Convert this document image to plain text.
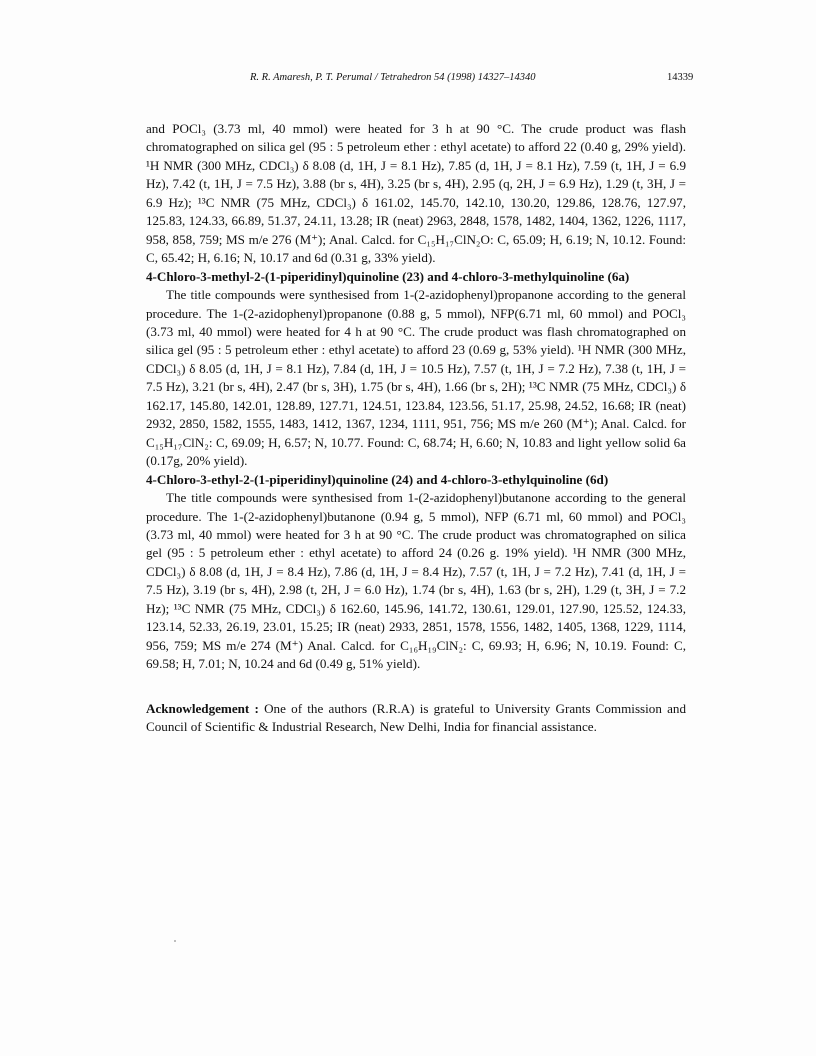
R. R. Amaresh, P. T. Perumal / Tetrahedron 54 (1998) 14327–14340	14339

and POCl₃ (3.73 ml, 40 mmol) were heated for 3 h at 90 °C. The crude product was flash chromatographed on silica gel (95 : 5 petroleum ether : ethyl acetate) to afford 22 (0.40 g, 29% yield). ¹H NMR (300 MHz, CDCl₃) δ 8.08 (d, 1H, J = 8.1 Hz), 7.85 (d, 1H, J = 8.1 Hz), 7.59 (t, 1H, J = 6.9 Hz), 7.42 (t, 1H, J = 7.5 Hz), 3.88 (br s, 4H), 3.25 (br s, 4H), 2.95 (q, 2H, J = 6.9 Hz), 1.29 (t, 3H, J = 6.9 Hz); ¹³C NMR (75 MHz, CDCl₃) δ 161.02, 145.70, 142.10, 130.20, 129.86, 128.76, 127.97, 125.83, 124.33, 66.89, 51.37, 24.11, 13.28; IR (neat) 2963, 2848, 1578, 1482, 1404, 1362, 1226, 1117, 958, 858, 759; MS m/e 276 (M⁺); Anal. Calcd. for C₁₅H₁₇ClN₂O: C, 65.09; H, 6.19; N, 10.12. Found: C, 65.42; H, 6.16; N, 10.17 and 6d (0.31 g, 33% yield).

4-Chloro-3-methyl-2-(1-piperidinyl)quinoline (23) and 4-chloro-3-methylquinoline (6a)

The title compounds were synthesised from 1-(2-azidophenyl)propanone according to the general procedure. The 1-(2-azidophenyl)propanone (0.88 g, 5 mmol), NFP(6.71 ml, 60 mmol) and POCl₃ (3.73 ml, 40 mmol) were heated for 4 h at 90 °C. The crude product was flash chromatographed on silica gel (95 : 5 petroleum ether : ethyl acetate) to afford 23 (0.69 g, 53% yield). ¹H NMR (300 MHz, CDCl₃) δ 8.05 (d, 1H, J = 8.1 Hz), 7.84 (d, 1H, J = 10.5 Hz), 7.57 (t, 1H, J = 7.2 Hz), 7.38 (t, 1H, J = 7.5 Hz), 3.21 (br s, 4H), 2.47 (br s, 3H), 1.75 (br s, 4H), 1.66 (br s, 2H); ¹³C NMR (75 MHz, CDCl₃) δ 162.17, 145.80, 142.01, 128.89, 127.71, 124.51, 123.84, 123.56, 51.17, 25.98, 24.52, 16.68; IR (neat) 2932, 2850, 1582, 1555, 1483, 1412, 1367, 1234, 1111, 951, 756; MS m/e 260 (M⁺); Anal. Calcd. for C₁₅H₁₇ClN₂: C, 69.09; H, 6.57; N, 10.77. Found: C, 68.74; H, 6.60; N, 10.83 and light yellow solid 6a (0.17g, 20% yield).

4-Chloro-3-ethyl-2-(1-piperidinyl)quinoline (24) and 4-chloro-3-ethylquinoline (6d)

The title compounds were synthesised from 1-(2-azidophenyl)butanone according to the general procedure. The 1-(2-azidophenyl)butanone (0.94 g, 5 mmol), NFP (6.71 ml, 60 mmol) and POCl₃ (3.73 ml, 40 mmol) were heated for 3 h at 90 °C. The crude product was chromatographed on silica gel (95 : 5 petroleum ether : ethyl acetate) to afford 24 (0.26 g. 19% yield). ¹H NMR (300 MHz, CDCl₃) δ 8.08 (d, 1H, J = 8.4 Hz), 7.86 (d, 1H, J = 8.4 Hz), 7.57 (t, 1H, J = 7.2 Hz), 7.41 (d, 1H, J = 7.5 Hz), 3.19 (br s, 4H), 2.98 (t, 2H, J = 6.0 Hz), 1.74 (br s, 4H), 1.63 (br s, 2H), 1.29 (t, 3H, J = 7.2 Hz); ¹³C NMR (75 MHz, CDCl₃) δ 162.60, 145.96, 141.72, 130.61, 129.01, 127.90, 125.52, 124.33, 123.14, 52.33, 26.19, 23.01, 15.25; IR (neat) 2933, 2851, 1578, 1556, 1482, 1405, 1368, 1229, 1114, 956, 759; MS m/e 274 (M⁺) Anal. Calcd. for C₁₆H₁₉ClN₂: C, 69.93; H, 6.96; N, 10.19. Found: C, 69.58; H, 7.01; N, 10.24 and 6d (0.49 g, 51% yield).

Acknowledgement : One of the authors (R.R.A) is grateful to University Grants Commission and Council of Scientific & Industrial Research, New Delhi, India for financial assistance.
